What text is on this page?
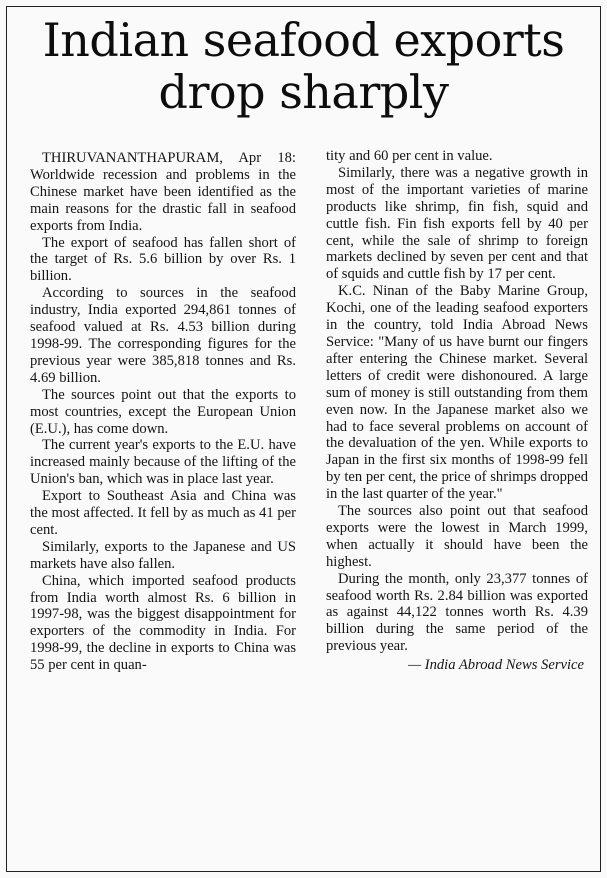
Indian seafood exports
drop sharply

THIRUVANANTHAPURAM, Apr 18: Worldwide recession and problems in the Chinese market have been identified as the main reasons for the drastic fall in seafood exports from India.

The export of seafood has fallen short of the target of Rs. 5.6 billion by over Rs. 1 billion.

According to sources in the seafood industry, India exported 294,861 tonnes of seafood valued at Rs. 4.53 billion during 1998-99. The corresponding figures for the previous year were 385,818 tonnes and Rs. 4.69 billion.

The sources point out that the exports to most countries, except the European Union (E.U.), has come down.

The current year's exports to the E.U. have increased mainly because of the lifting of the Union's ban, which was in place last year.

Export to Southeast Asia and China was the most affected. It fell by as much as 41 per cent.

Similarly, exports to the Japanese and US markets have also fallen.

China, which imported seafood products from India worth almost Rs. 6 billion in 1997-98, was the biggest disappointment for exporters of the commodity in India. For 1998-99, the decline in exports to China was 55 per cent in quan-

tity and 60 per cent in value.

Similarly, there was a negative growth in most of the important varieties of marine products like shrimp, fin fish, squid and cuttle fish. Fin fish exports fell by 40 per cent, while the sale of shrimp to foreign markets declined by seven per cent and that of squids and cuttle fish by 17 per cent.

K.C. Ninan of the Baby Marine Group, Kochi, one of the leading seafood exporters in the country, told India Abroad News Service: "Many of us have burnt our fingers after entering the Chinese market. Several letters of credit were dishonoured. A large sum of money is still outstanding from them even now. In the Japanese market also we had to face several problems on account of the devaluation of the yen. While exports to Japan in the first six months of 1998-99 fell by ten per cent, the price of shrimps dropped in the last quarter of the year."

The sources also point out that seafood exports were the lowest in March 1999, when actually it should have been the highest.

During the month, only 23,377 tonnes of seafood worth Rs. 2.84 billion was exported as against 44,122 tonnes worth Rs. 4.39 billion during the same period of the previous year.

— India Abroad News Service
